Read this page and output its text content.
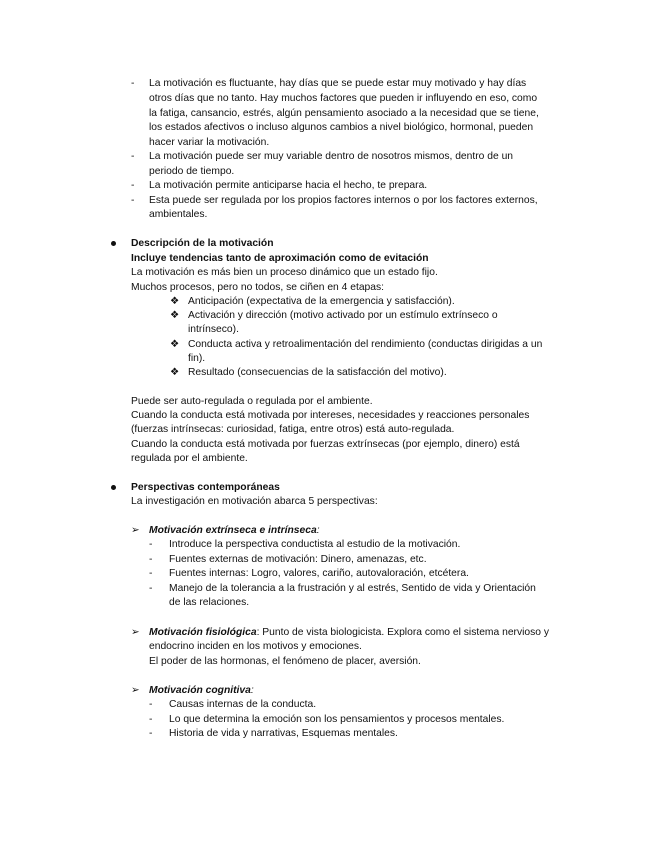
- La motivación es fluctuante, hay días que se puede estar muy motivado y hay días
otros días que no tanto. Hay muchos factores que pueden ir influyendo en eso, como
la fatiga, cansancio, estrés, algún pensamiento asociado a la necesidad que se tiene,
los estados afectivos o incluso algunos cambios a nivel biológico, hormonal, pueden
hacer variar la motivación.
- La motivación puede ser muy variable dentro de nosotros mismos, dentro de un
periodo de tiempo.
- La motivación permite anticiparse hacia el hecho, te prepara.
- Esta puede ser regulada por los propios factores internos o por los factores externos,
ambientales.
Descripción de la motivación
Incluye tendencias tanto de aproximación como de evitación
La motivación es más bien un proceso dinámico que un estado fijo.
Muchos procesos, pero no todos, se ciñen en 4 etapas:
❖ Anticipación (expectativa de la emergencia y satisfacción).
❖ Activación y dirección (motivo activado por un estímulo extrínseco o
intrínseco).
❖ Conducta activa y retroalimentación del rendimiento (conductas dirigidas a un
fin).
❖ Resultado (consecuencias de la satisfacción del motivo).
Puede ser auto-regulada o regulada por el ambiente.
Cuando la conducta está motivada por intereses, necesidades y reacciones personales
(fuerzas intrínsecas: curiosidad, fatiga, entre otros) está auto-regulada.
Cuando la conducta está motivada por fuerzas extrínsecas (por ejemplo, dinero) está
regulada por el ambiente.
Perspectivas contemporáneas
La investigación en motivación abarca 5 perspectivas:
➢ Motivación extrínseca e intrínseca:
- Introduce la perspectiva conductista al estudio de la motivación.
- Fuentes externas de motivación: Dinero, amenazas, etc.
- Fuentes internas: Logro, valores, cariño, autovaloración, etcétera.
- Manejo de la tolerancia a la frustración y al estrés, Sentido de vida y Orientación
de las relaciones.
➢ Motivación fisiológica: Punto de vista biologicista. Explora como el sistema nervioso y
endocrino inciden en los motivos y emociones.
El poder de las hormonas, el fenómeno de placer, aversión.
➢ Motivación cognitiva:
- Causas internas de la conducta.
- Lo que determina la emoción son los pensamientos y procesos mentales.
- Historia de vida y narrativas, Esquemas mentales.
